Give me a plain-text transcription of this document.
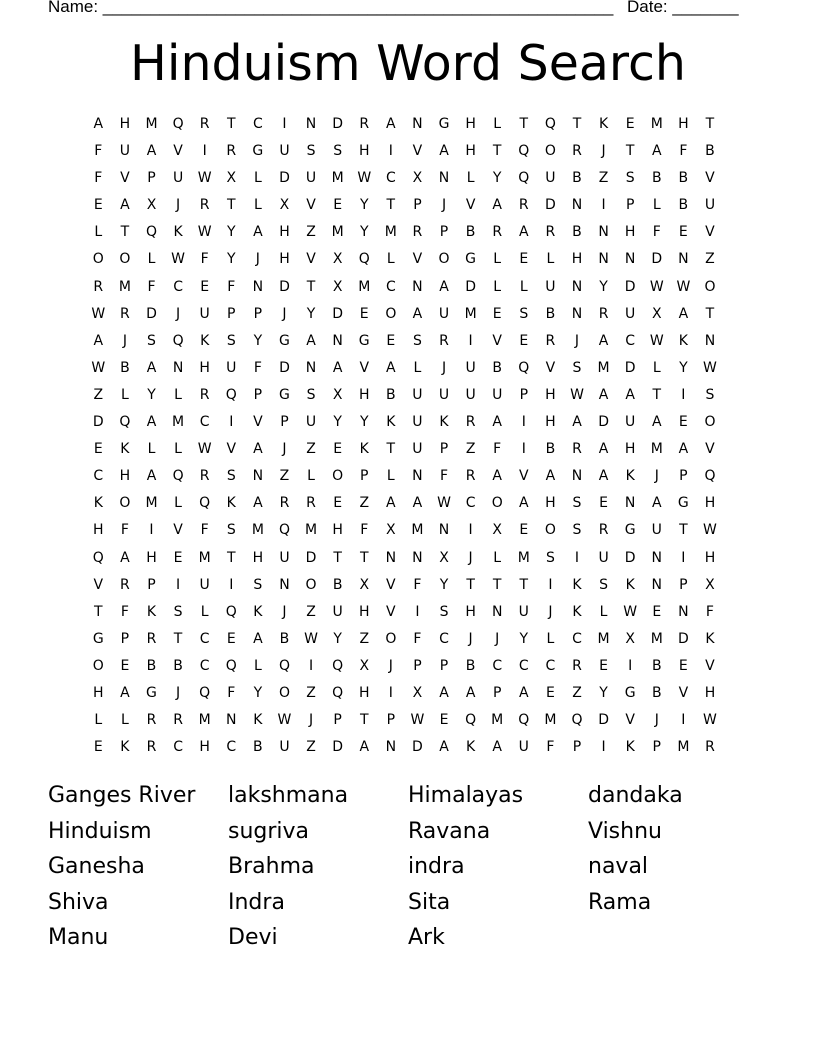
Name: ______________________________________________________ Date: _______
Hinduism Word Search
A	H	M	Q	R	T	C	I	N	D	R	A	N	G	H	L	T	Q	T	K	E	M	H	T
F	U	A	V	I	R	G	U	S	S	H	I	V	A	H	T	Q	O	R	J	T	A	F	B
F	V	P	U	W	X	L	D	U	M W	C	X	N	L	Y	Q	U	B	Z	S	B	B	V
E	A	X	J	R	T	L	X	V	E	Y	T	P	J	V	A	R	D	N	I	P	L	B	U
L	T	Q	K	W	Y	A	H	Z	M	Y	M	R	P	B	R	A	R	B	N	H	F	E	V
O	O	L	W	F	Y	J	H	V	X	Q	L	V	O	G	L	E	L	H	N	N	D	N	Z
R	M	F	C	E	F	N	D	T	X	M	C	N	A	D	L	L	U	N	Y	D	W W	O
W	R	D	J	U	P	P	J	Y	D	E	O	A	U	M	E	S	B	N	R	U	X	A	T
A	J	S	Q	K	S	Y	G	A	N	G	E	S	R	I	V	E	R	J	A	C	W	K	N
W	B	A	N	H	U	F	D	N	A	V	A	L	J	U	B	Q	V	S	M	D	L	Y	W
Z	L	Y	L	R	Q	P	G	S	X	H	B	U	U	U	U	P	H	W	A	A	T	I	S
D	Q	A	M	C	I	V	P	U	Y	Y	K	U	K	R	A	I	H	A	D	U	A	E	O
E	K	L	L	W	V	A	J	Z	E	K	T	U	P	Z	F	I	B	R	A	H	M	A	V
C	H	A	Q	R	S	N	Z	L	O	P	L	N	F	R	A	V	A	N	A	K	J	P	Q
K	O	M	L	Q	K	A	R	R	E	Z	A	A	W	C	O	A	H	S	E	N	A	G	H
H	F	I	V	F	S	M	Q	M	H	F	X	M	N	I	X	E	O	S	R	G	U	T	W
Q	A	H	E	M	T	H	U	D	T	T	N	N	X	J	L	M	S	I	U	D	N	I	H
V	R	P	I	U	I	S	N	O	B	X	V	F	Y	T	T	T	I	K	S	K	N	P	X
T	F	K	S	L	Q	K	J	Z	U	H	V	I	S	H	N	U	J	K	L	W	E	N	F
G	P	R	T	C	E	A	B	W	Y	Z	O	F	C	J	J	Y	L	C	M	X	M	D	K
O	E	B	B	C	Q	L	Q	I	Q	X	J	P	P	B	C	C	C	R	E	I	B	E	V
H	A	G	J	Q	F	Y	O	Z	Q	H	I	X	A	A	P	A	E	Z	Y	G	B	V	H
L	L	R	R	M	N	K	W	J	P	T	P	W	E	Q	M	Q	M	Q	D	V	J	I	W
E	K	R	C	H	C	B	U	Z	D	A	N	D	A	K	A	U	F	P	I	K	P	M	R
Ganges River	lakshmana	Himalayas	dandaka
Hinduism	sugriva	Ravana	Vishnu
Ganesha	Brahma	indra	naval
Shiva	Indra	Sita	Rama
Manu	Devi	Ark
